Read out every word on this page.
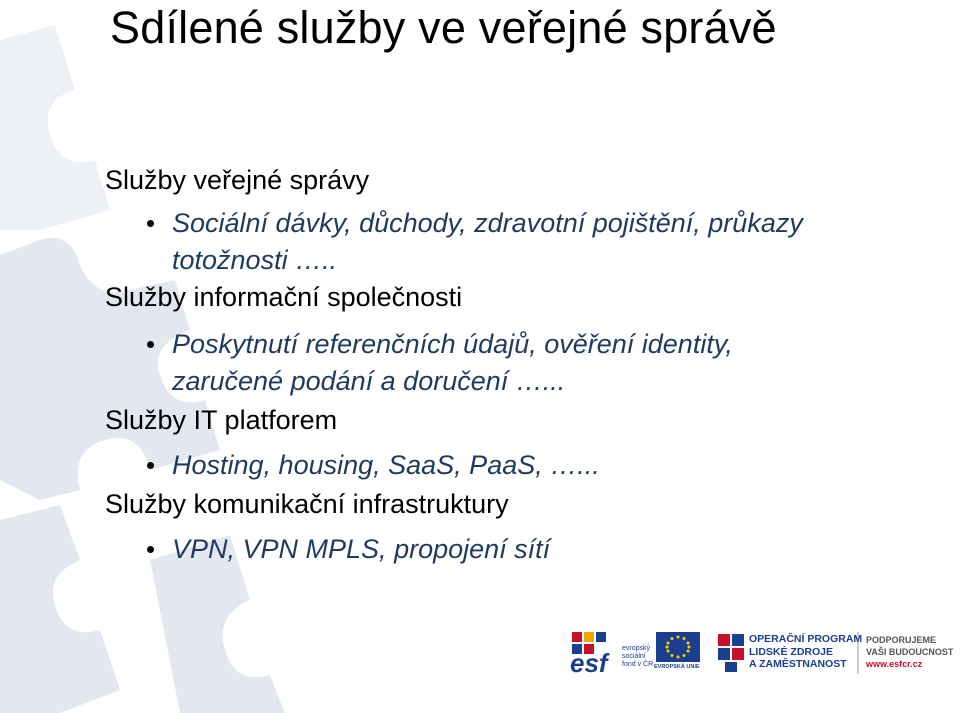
Sdílené služby ve veřejné správě

Služby veřejné správy

Sociální dávky, důchody, zdravotní pojištění, průkazy
totožnosti …..

Služby informační společnosti

Poskytnutí referenčních údajů, ověření identity,
zaručené podání a doručení …...

Služby IT platforem

Hosting, housing, SaaS, PaaS, …...

Služby komunikační infrastruktury

VPN, VPN MPLS, propojení sítí
esf	evropský
sociální
fond v ČR EVROPSKÁ UNIE
OPERAČNÍ PROGRAM
LIDSKÉ ZDROJE
A ZAMĚSTNANOST
PODPORUJEME
VAŠI BUDOUCNOST
www.esfcr.cz
